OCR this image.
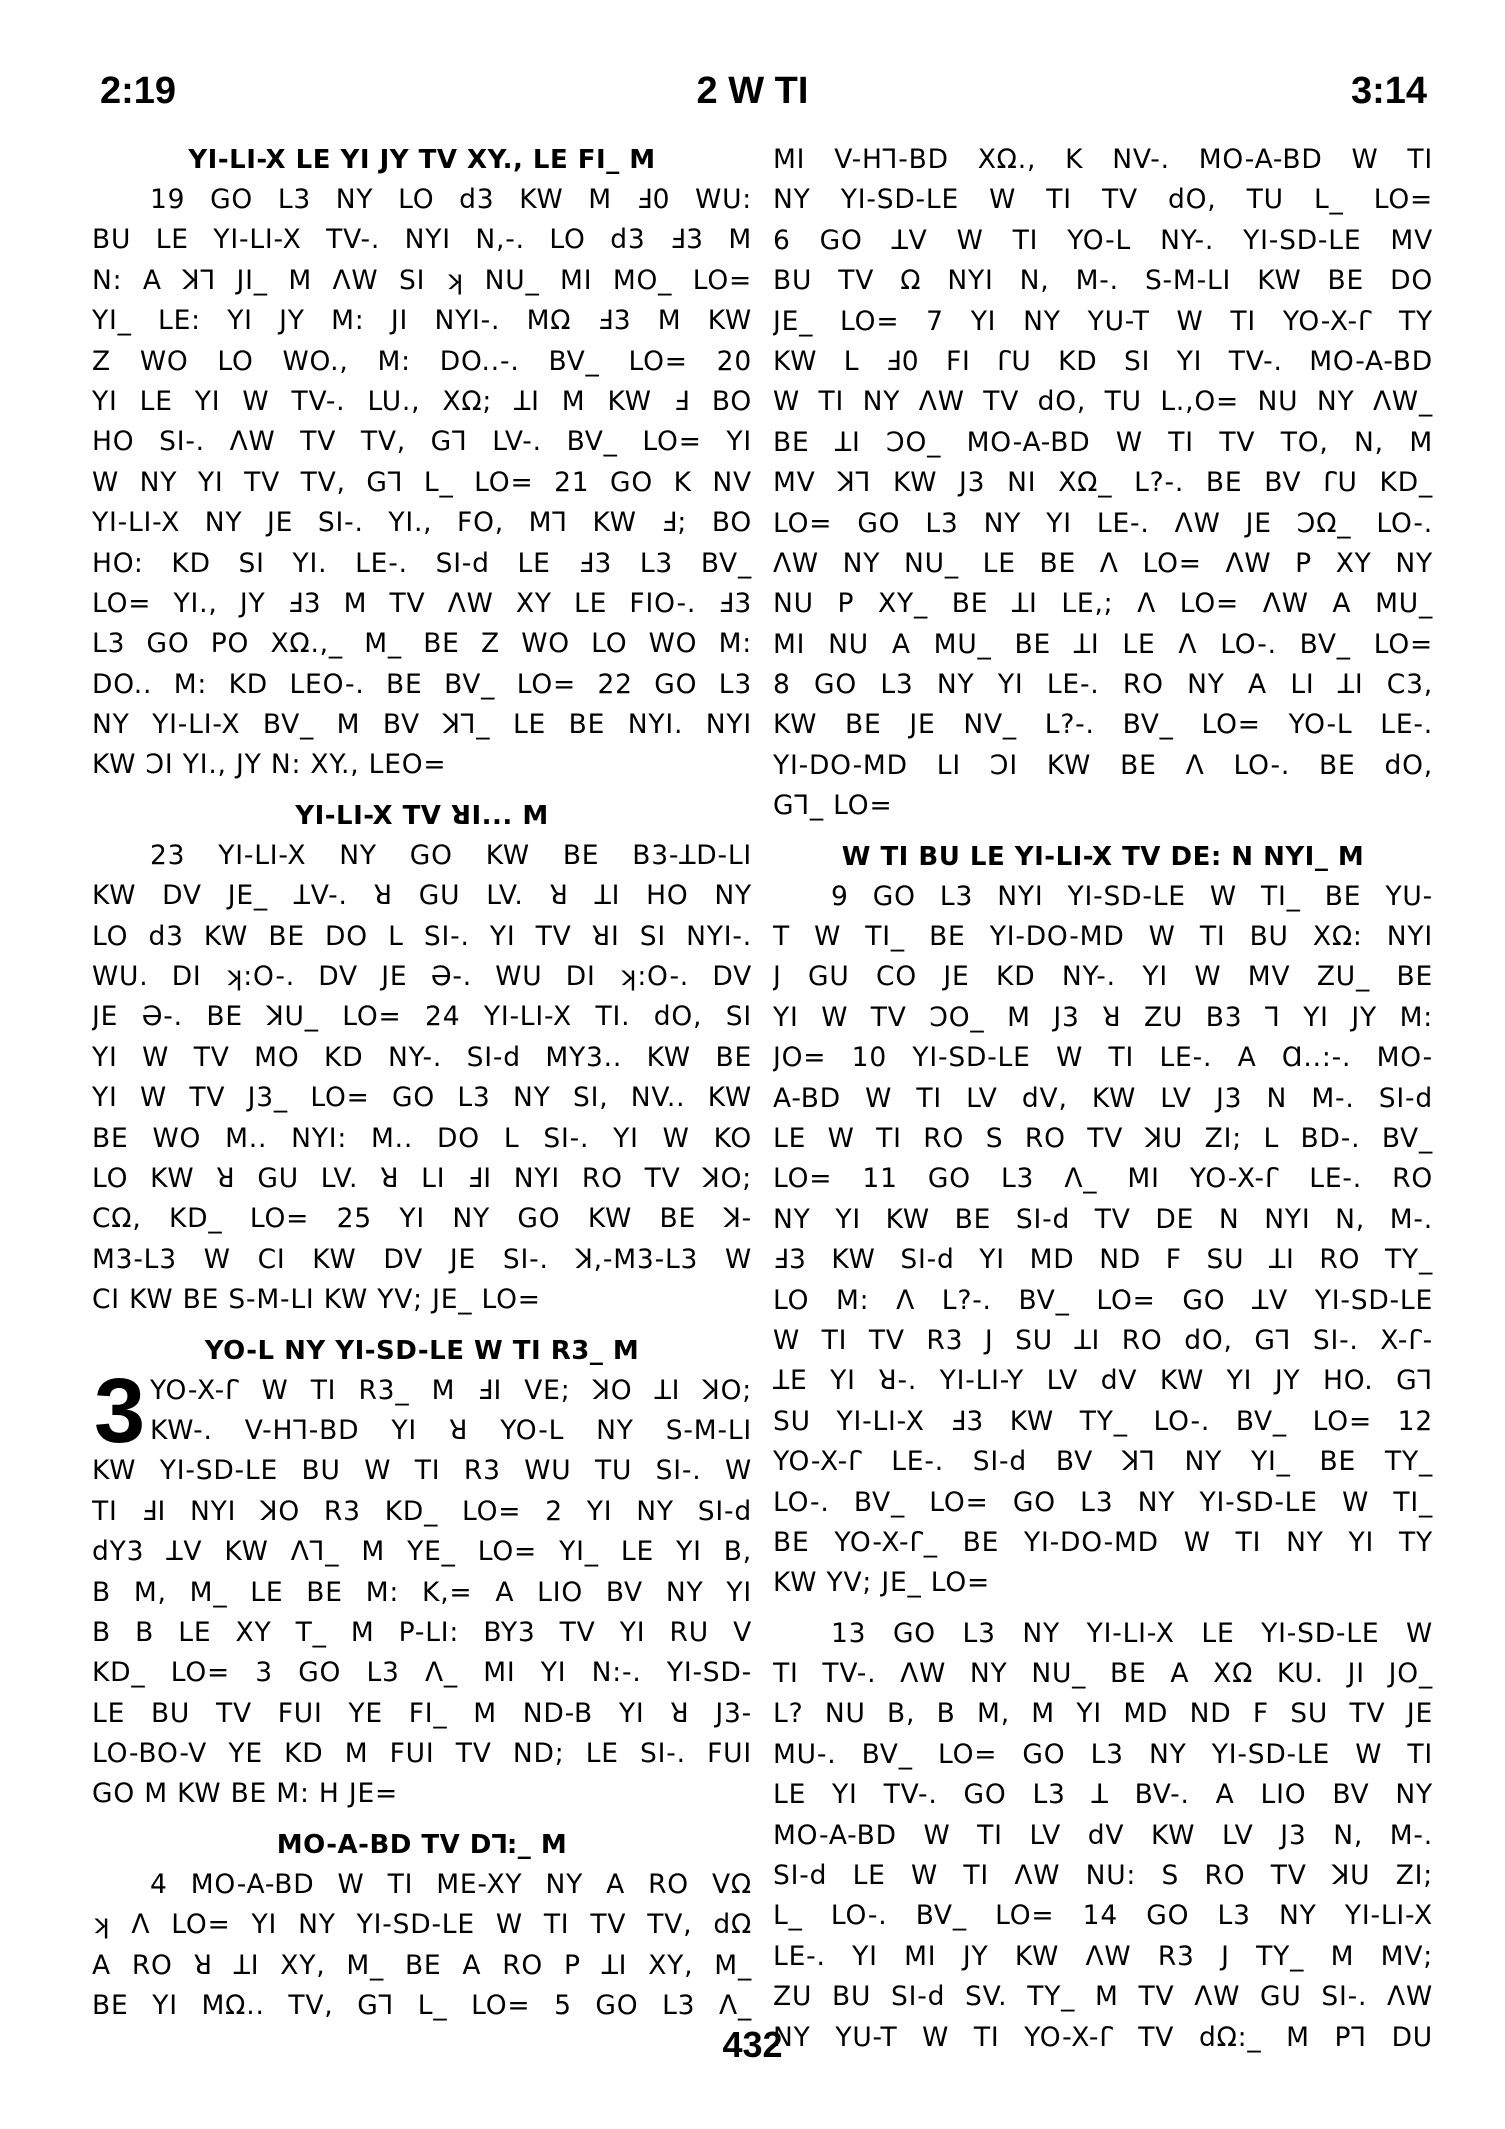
2:19	2 W TI	3:14
YI-LI-X LE YI JY TV XY., LE FI_ M
19 GO L3 NY LO d3 KW M Ⅎ0 WU:
BU LE YI-LI-X TV-. NYI N,-. LO d3 Ⅎ3 M
N: A ꓘꓶ JI_ M ΛW SI ʞ NU_ MI MO_ LO=
YI_ LE: YI JY M: JI NYI-. MΩ Ⅎ3 M KW
Z WO LO WO., M: DO..-. BV_ LO= 20
YI LE YI W TV-. LU., XΩ; ꓕI M KW Ⅎ BO
HO SI-. ΛW TV TV, Gꓶ LV-. BV_ LO= YI
W NY YI TV TV, Gꓶ L_ LO= 21 GO K NV
YI-LI-X NY JE SI-. YI., FO, Mꓶ KW Ⅎ; BO
HO: KD SI YI. LE-. SI-d LE Ⅎ3 L3 BV_
LO= YI., JY Ⅎ3 M TV ΛW XY LE FIO-. Ⅎ3
L3 GO PO XΩ.,_ M_ BE Z WO LO WO M:
DO.. M: KD LEO-. BE BV_ LO= 22 GO L3
NY YI-LI-X BV_ M BV ꓘꓶ_ LE BE NYI. NYI
KW ƆI YI., JY N: XY., LEO=
YI-LI-X TV ꓤI... M
23 YI-LI-X NY GO KW BE B3-ꓕD-LI
KW DV JE_ ꓕV-. ꓤ GU LV. ꓤ ꓕI HO NY
LO d3 KW BE DO L SI-. YI TV ꓤI SI NYI-.
WU. DI ʞ:O-. DV JE Ә-. WU DI ʞ:O-. DV
JE Ә-. BE ꓘU_ LO= 24 YI-LI-X TI. dO, SI
YI W TV MO KD NY-. SI-d MY3.. KW BE
YI W TV J3_ LO= GO L3 NY SI, NV.. KW
BE WO M.. NYI: M.. DO L SI-. YI W KO
LO KW ꓤ GU LV. ꓤ LI ꓞI NYI RO TV ꓘO;
CΩ, KD_ LO= 25 YI NY GO KW BE ꓘ-
M3-L3 W CI KW DV JE SI-. ꓘ,-M3-L3 W
CI KW BE S-M-LI KW YV; JE_ LO=
YO-L NY YI-SD-LE W TI R3_ M
3 YO-X-ꓩ W TI R3_ M ꓞI VE; ꓘO ꓕI ꓘO;
KW-. V-Hꓶ-BD YI ꓤ YO-L NY S-M-LI
KW YI-SD-LE BU W TI R3 WU TU SI-. W
TI ꓞI NYI ꓘO R3 KD_ LO= 2 YI NY SI-d
dY3 ꓕV KW Λꓶ_ M YE_ LO= YI_ LE YI B,
B M, M_ LE BE M: K,= A LIO BV NY YI
B B LE XY T_ M P-LI: BY3 TV YI RU V
KD_ LO= 3 GO L3 Λ_ MI YI N:-. YI-SD-
LE BU TV FUI YE FI_ M ND-B YI ꓤ J3-
LO-BO-V YE KD M FUI TV ND; LE SI-. FUI
GO M KW BE M: H JE=
MO-A-BD TV Dꓶ:_ M
4 MO-A-BD W TI ME-XY NY A RO VΩ
ʞ Λ LO= YI NY YI-SD-LE W TI TV TV, dΩ
A RO ꓤ ꓕI XY, M_ BE A RO P ꓕI XY, M_
BE YI MΩ.. TV, Gꓶ L_ LO= 5 GO L3 Λ_
MI V-Hꓶ-BD XΩ., K NV-. MO-A-BD W TI
NY YI-SD-LE W TI TV dO, TU L_ LO=
6 GO ꓕV W TI YO-L NY-. YI-SD-LE MV
BU TV Ω NYI N, M-. S-M-LI KW BE DO
JE_ LO= 7 YI NY YU-T W TI YO-X-ꓩ TY
KW L Ⅎ0 FI ꓩU KD SI YI TV-. MO-A-BD
W TI NY ΛW TV dO, TU L.,O= NU NY ΛW_
BE ꓕI ƆO_ MO-A-BD W TI TV TO, N, M
MV ꓘꓶ KW J3 NI XΩ_ L?-. BE BV ꓩU KD_
LO= GO L3 NY YI LE-. ΛW JE ƆΩ_ LO-.
ΛW NY NU_ LE BE Λ LO= ΛW P XY NY
NU P XY_ BE ꓕI LE,; Λ LO= ΛW A MU_
MI NU A MU_ BE ꓕI LE Λ LO-. BV_ LO=
8 GO L3 NY YI LE-. RO NY A LI ꓕI C3,
KW BE JE NV_ L?-. BV_ LO= YO-L LE-.
YI-DO-MD LI ƆI KW BE Λ LO-. BE dO,
Gꓶ_ LO=
W TI BU LE YI-LI-X TV DE: N NYI_ M
9 GO L3 NYI YI-SD-LE W TI_ BE YU-
T W TI_ BE YI-DO-MD W TI BU XΩ: NYI
J GU CO JE KD NY-. YI W MV ZU_ BE
YI W TV ƆO_ M J3 ꓤ ZU B3 ꓶ YI JY M:
JO= 10 YI-SD-LE W TI LE-. A Ɑ..:-. MO-
A-BD W TI LV dV, KW LV J3 N M-. SI-d
LE W TI RO S RO TV ꓘU ZI; L BD-. BV_
LO= 11 GO L3 Λ_ MI YO-X-ꓩ LE-. RO
NY YI KW BE SI-d TV DE N NYI N, M-.
Ⅎ3 KW SI-d YI MD ND F SU ꓕI RO TY_
LO M: Λ L?-. BV_ LO= GO ꓕV YI-SD-LE
W TI TV R3 J SU ꓕI RO dO, Gꓶ SI-. X-ꓩ-
ꓕE YI ꓤ-. YI-LI-Y LV dV KW YI JY HO. Gꓶ
SU YI-LI-X Ⅎ3 KW TY_ LO-. BV_ LO= 12
YO-X-ꓩ LE-. SI-d BV ꓘꓶ NY YI_ BE TY_
LO-. BV_ LO= GO L3 NY YI-SD-LE W TI_
BE YO-X-ꓩ_ BE YI-DO-MD W TI NY YI TY
KW YV; JE_ LO=
13 GO L3 NY YI-LI-X LE YI-SD-LE W
TI TV-. ΛW NY NU_ BE A XΩ KU. JI JO_
L? NU B, B M, M YI MD ND F SU TV JE
MU-. BV_ LO= GO L3 NY YI-SD-LE W TI
LE YI TV-. GO L3 ꓕ BV-. A LIO BV NY
MO-A-BD W TI LV dV KW LV J3 N, M-.
SI-d LE W TI ΛW NU: S RO TV ꓘU ZI;
L_ LO-. BV_ LO= 14 GO L3 NY YI-LI-X
LE-. YI MI JY KW ΛW R3 J TY_ M MV;
ZU BU SI-d SV. TY_ M TV ΛW GU SI-. ΛW
NY YU-T W TI YO-X-ꓩ TV dΩ:_ M Pꓶ DU
432
